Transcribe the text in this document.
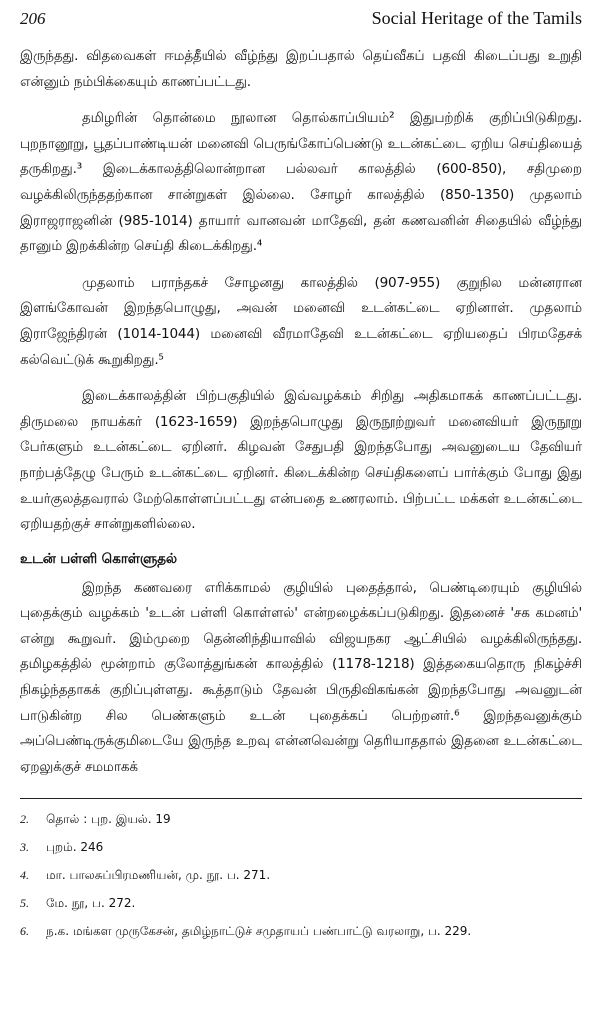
206	Social Heritage of the Tamils

இருந்தது. விதவைகள் ஈமத்தீயில் வீழ்ந்து இறப்பதால் தெய்வீகப் பதவி கிடைப்பது உறுதி என்னும் நம்பிக்கையும் காணப்பட்டது.

தமிழரின் தொன்மை நூலான தொல்காப்பியம்² இதுபற்றிக் குறிப்பிடுகிறது. புறநானூறு, பூதப்பாண்டியன் மனைவி பெருங்கோப்பெண்டு உடன்கட்டை ஏறிய செய்தியைத் தருகிறது.³ இடைக்காலத்திலொன்றான பல்லவர் காலத்தில் (600-850), சதிமுறை வழக்கிலிருந்ததற்கான சான்றுகள் இல்லை. சோழர் காலத்தில் (850-1350) முதலாம் இராஜராஜனின் (985-1014) தாயார் வானவன் மாதேவி, தன் கணவனின் சிதையில் வீழ்ந்து தானும் இறக்கின்ற செய்தி கிடைக்கிறது.⁴

முதலாம் பராந்தகச் சோழனது காலத்தில் (907-955) குறுநில மன்னரான இளங்கோவன் இறந்தபொழுது, அவன் மனைவி உடன்கட்டை ஏறினாள். முதலாம் இராஜேந்திரன் (1014-1044) மனைவி வீரமாதேவி உடன்கட்டை ஏறியதைப் பிரமதேசக் கல்வெட்டுக் கூறுகிறது.⁵

இடைக்காலத்தின் பிற்பகுதியில் இவ்வழக்கம் சிறிது அதிகமாகக் காணப்பட்டது. திருமலை நாயக்கர் (1623-1659) இறந்தபொழுது இருநூற்றுவர் மனைவியர் இருநூறு பேர்களும் உடன்கட்டை ஏறினர். கிழவன் சேதுபதி இறந்தபோது அவனுடைய தேவியர் நாற்பத்தேழு பேரும் உடன்கட்டை ஏறினர். கிடைக்கின்ற செய்திகளைப் பார்க்கும் போது இது உயர்குலத்தவரால் மேற்கொள்ளப்பட்டது என்பதை உணரலாம். பிற்பட்ட மக்கள் உடன்கட்டை ஏறியதற்குச் சான்றுகளில்லை.

உடன் பள்ளி கொள்ளுதல்

இறந்த கணவரை எரிக்காமல் குழியில் புதைத்தால், பெண்டிரையும் குழியில் புதைக்கும் வழக்கம் 'உடன் பள்ளி கொள்ளல்' என்றழைக்கப்படுகிறது. இதனைச் 'சக கமனம்' என்று கூறுவர். இம்முறை தென்னிந்தியாவில் விஜயநகர ஆட்சியில் வழக்கிலிருந்தது. தமிழகத்தில் மூன்றாம் குலோத்துங்கன் காலத்தில் (1178-1218) இத்தகையதொரு நிகழ்ச்சி நிகழ்ந்ததாகக் குறிப்புள்ளது. கூத்தாடும் தேவன் பிருதிவிகங்கன் இறந்தபோது அவனுடன் பாடுகின்ற சில பெண்களும் உடன் புதைக்கப் பெற்றனர்.⁶ இறந்தவனுக்கும் அப்பெண்டிருக்குமிடையே இருந்த உறவு என்னவென்று தெரியாததால் இதனை உடன்கட்டை ஏறலுக்குச் சமமாகக்

2.	தொல் : புற. இயல். 19
3.	புறம். 246
4.	மா. பாலசுப்பிரமணியன், மு. நூ. ப. 271.
5.	மே. நூ, ப. 272.
6.	ந.க. மங்கள முருகேசன், தமிழ்நாட்டுச் சமுதாயப் பண்பாட்டு வரலாறு, ப. 229.
